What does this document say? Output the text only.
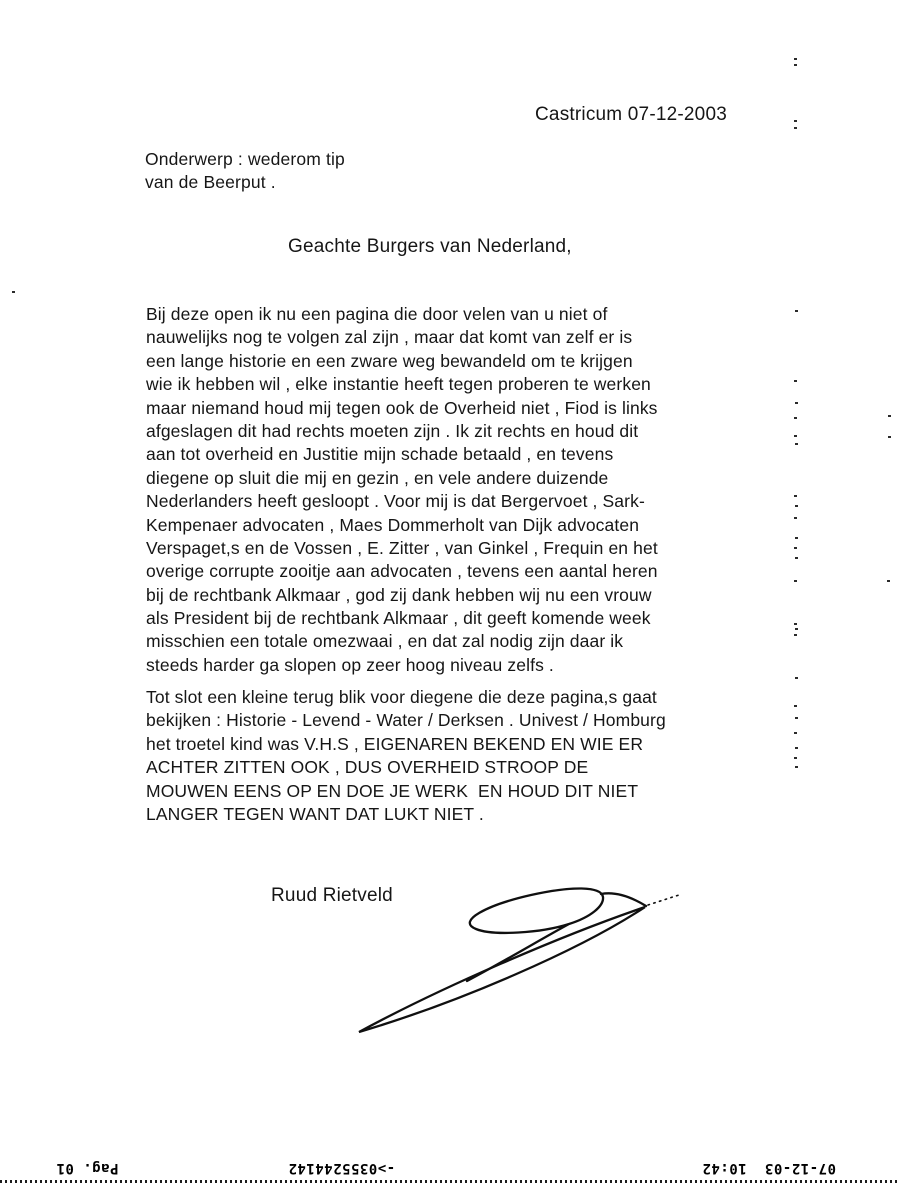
Castricum 07-12-2003
Onderwerp : wederom tip
van de Beerput .
Geachte Burgers van Nederland,
Bij deze open ik nu een pagina die door velen van u niet of
nauwelijks nog te volgen zal zijn , maar dat komt van zelf er is
een lange historie en een zware weg bewandeld om te krijgen
wie ik hebben wil , elke instantie heeft tegen proberen te werken
maar niemand houd mij tegen ook de Overheid niet , Fiod is links
afgeslagen dit had rechts moeten zijn . Ik zit rechts en houd dit
aan tot overheid en Justitie mijn schade betaald , en tevens
diegene op sluit die mij en gezin , en vele andere duizende
Nederlanders heeft gesloopt . Voor mij is dat Bergervoet , Sark-
Kempenaer advocaten , Maes Dommerholt van Dijk advocaten
Verspaget,s en de Vossen , E. Zitter , van Ginkel , Frequin en het
overige corrupte zooitje aan advocaten , tevens een aantal heren
bij de rechtbank Alkmaar , god zij dank hebben wij nu een vrouw
als President bij de rechtbank Alkmaar , dit geeft komende week
misschien een totale omezwaai , en dat zal nodig zijn daar ik
steeds harder ga slopen op zeer hoog niveau zelfs .
Tot slot een kleine terug blik voor diegene die deze pagina,s gaat
bekijken : Historie - Levend - Water / Derksen . Univest / Homburg
het troetel kind was V.H.S , EIGENAREN BEKEND EN WIE ER
ACHTER ZITTEN OOK , DUS OVERHEID STROOP DE
MOUWEN EENS OP EN DOE JE WERK  EN HOUD DIT NIET
LANGER TEGEN WANT DAT LUKT NIET .
Ruud Rietveld
Pag. 01	->0355244142	07-12-03  10:42
